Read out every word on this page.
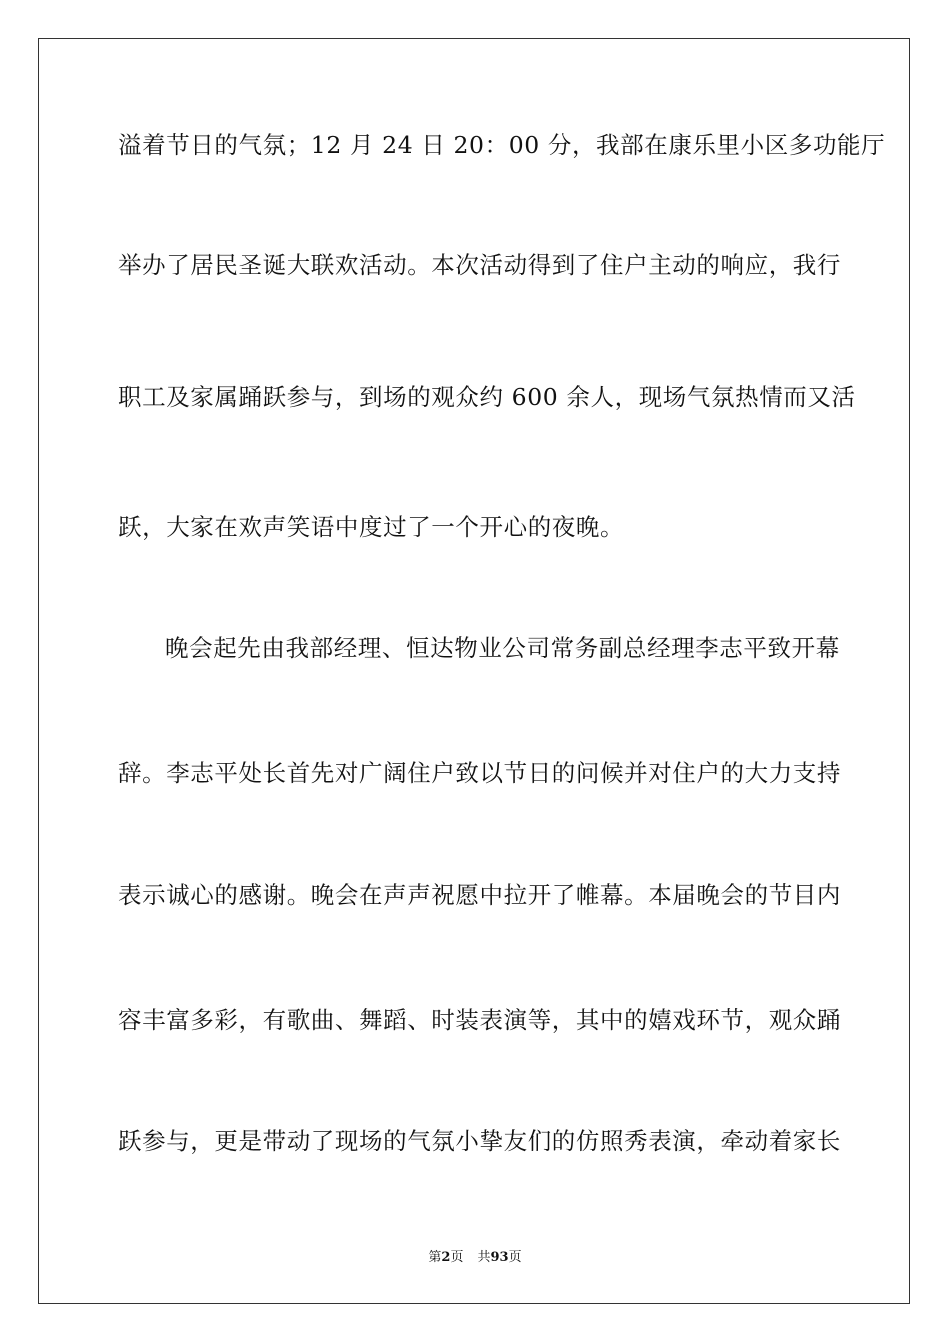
溢着节日的气氛；12 月 24 日 20：00 分，我部在康乐里小区多功能厅
举办了居民圣诞大联欢活动。本次活动得到了住户主动的响应，我行
职工及家属踊跃参与，到场的观众约 600 余人，现场气氛热情而又活
跃，大家在欢声笑语中度过了一个开心的夜晚。
晚会起先由我部经理、恒达物业公司常务副总经理李志平致开幕
辞。李志平处长首先对广阔住户致以节日的问候并对住户的大力支持
表示诚心的感谢。晚会在声声祝愿中拉开了帷幕。本届晚会的节目内
容丰富多彩，有歌曲、舞蹈、时装表演等，其中的嬉戏环节，观众踊
跃参与，更是带动了现场的气氛小挚友们的仿照秀表演，牵动着家长
第2页 共93页
